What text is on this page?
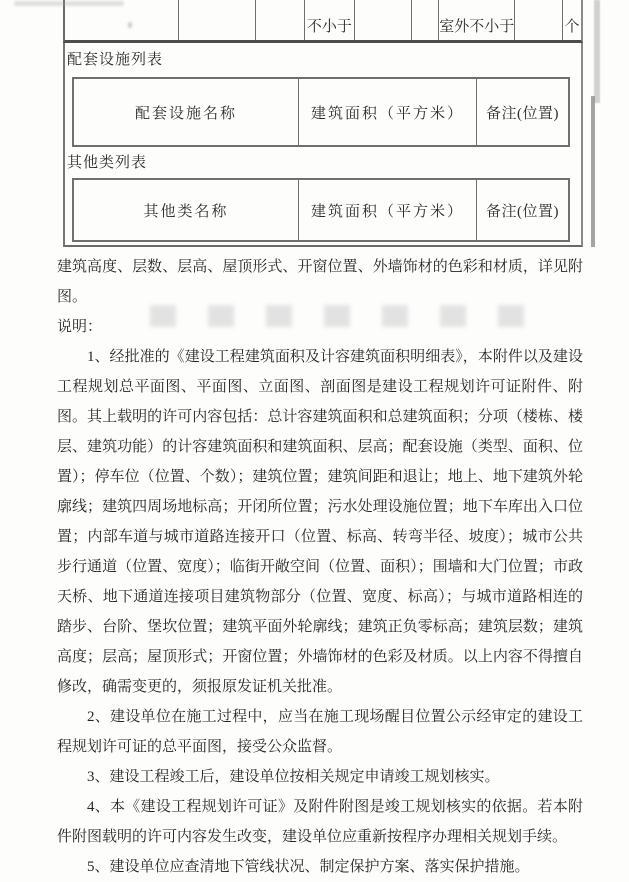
不小于	室外不小于	个
配套设施列表
配套设施名称	建筑面积（平方米）	备注(位置)
其他类列表
其他类名称	建筑面积（平方米）	备注(位置)

建筑高度、层数、层高、屋顶形式、开窗位置、外墙饰材的色彩和材质，详见附图。

说明：

1、经批准的《建设工程建筑面积及计容建筑面积明细表》，本附件以及建设工程规划总平面图、平面图、立面图、剖面图是建设工程规划许可证附件、附图。其上载明的许可内容包括：总计容建筑面积和总建筑面积；分项（楼栋、楼层、建筑功能）的计容建筑面积和建筑面积、层高；配套设施（类型、面积、位置）；停车位（位置、个数）；建筑位置；建筑间距和退让；地上、地下建筑外轮廓线；建筑四周场地标高；开闭所位置；污水处理设施位置；地下车库出入口位置；内部车道与城市道路连接开口（位置、标高、转弯半径、坡度）；城市公共步行通道（位置、宽度）；临街开敞空间（位置、面积）；围墙和大门位置；市政天桥、地下通道连接项目建筑物部分（位置、宽度、标高）；与城市道路相连的踏步、台阶、堡坎位置；建筑平面外轮廓线；建筑正负零标高；建筑层数；建筑高度；层高；屋顶形式；开窗位置；外墙饰材的色彩及材质。以上内容不得擅自修改，确需变更的，须报原发证机关批准。

2、建设单位在施工过程中，应当在施工现场醒目位置公示经审定的建设工程规划许可证的总平面图，接受公众监督。

3、建设工程竣工后，建设单位按相关规定申请竣工规划核实。

4、本《建设工程规划许可证》及附件附图是竣工规划核实的依据。若本附件附图载明的许可内容发生改变，建设单位应重新按程序办理相关规划手续。

5、建设单位应查清地下管线状况、制定保护方案、落实保护措施。
